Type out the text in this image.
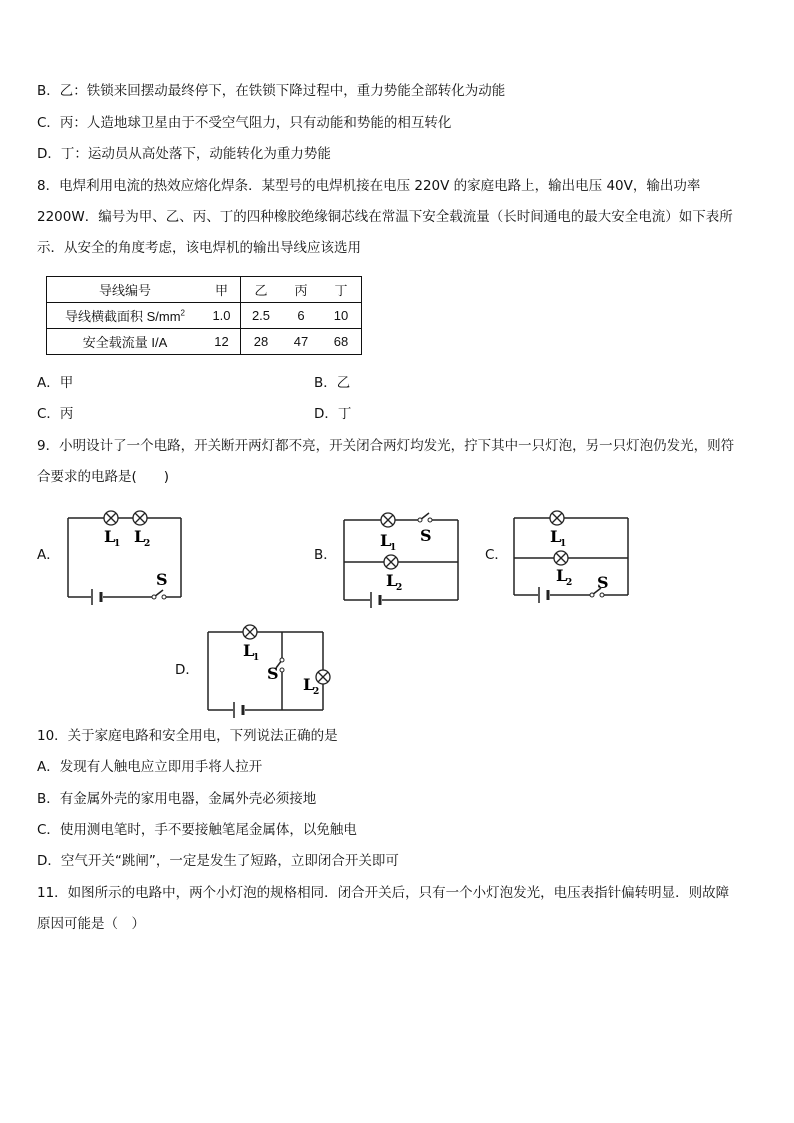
B．乙：铁锁来回摆动最终停下，在铁锁下降过程中，重力势能全部转化为动能
C．丙：人造地球卫星由于不受空气阻力，只有动能和势能的相互转化
D．丁：运动员从高处落下，动能转化为重力势能
8．电焊利用电流的热效应熔化焊条．某型号的电焊机接在电压 220V 的家庭电路上，输出电压 40V，输出功率
2200W．编号为甲、乙、丙、丁的四种橡胶绝缘铜芯线在常温下安全载流量（长时间通电的最大安全电流）如下表所
示．从安全的角度考虑，该电焊机的输出导线应该选用
导线编号	甲	乙	丙	丁
导线横截面积 $S/mm^2$	1.0	2.5	6	10
安全载流量 I/A	12	28	47	68
A．甲	B．乙
C．丙	D．丁
9．小明设计了一个电路，开关断开两灯都不亮，开关闭合两灯均发光，拧下其中一只灯泡，另一只灯泡仍发光，则符
合要求的电路是(　　)
A．
L
1 L
2
S
B．
L
1
S
L
2
C．
L
1
L
2 S
D．
L
1
S
L
2
10．关于家庭电路和安全用电，下列说法正确的是
A．发现有人触电应立即用手将人拉开
B．有金属外壳的家用电器，金属外壳必须接地
C．使用测电笔时，手不要接触笔尾金属体，以免触电
D．空气开关“跳闸”，一定是发生了短路，立即闭合开关即可
11．如图所示的电路中，两个小灯泡的规格相同．闭合开关后，只有一个小灯泡发光，电压表指针偏转明显．则故障
原因可能是（　）
